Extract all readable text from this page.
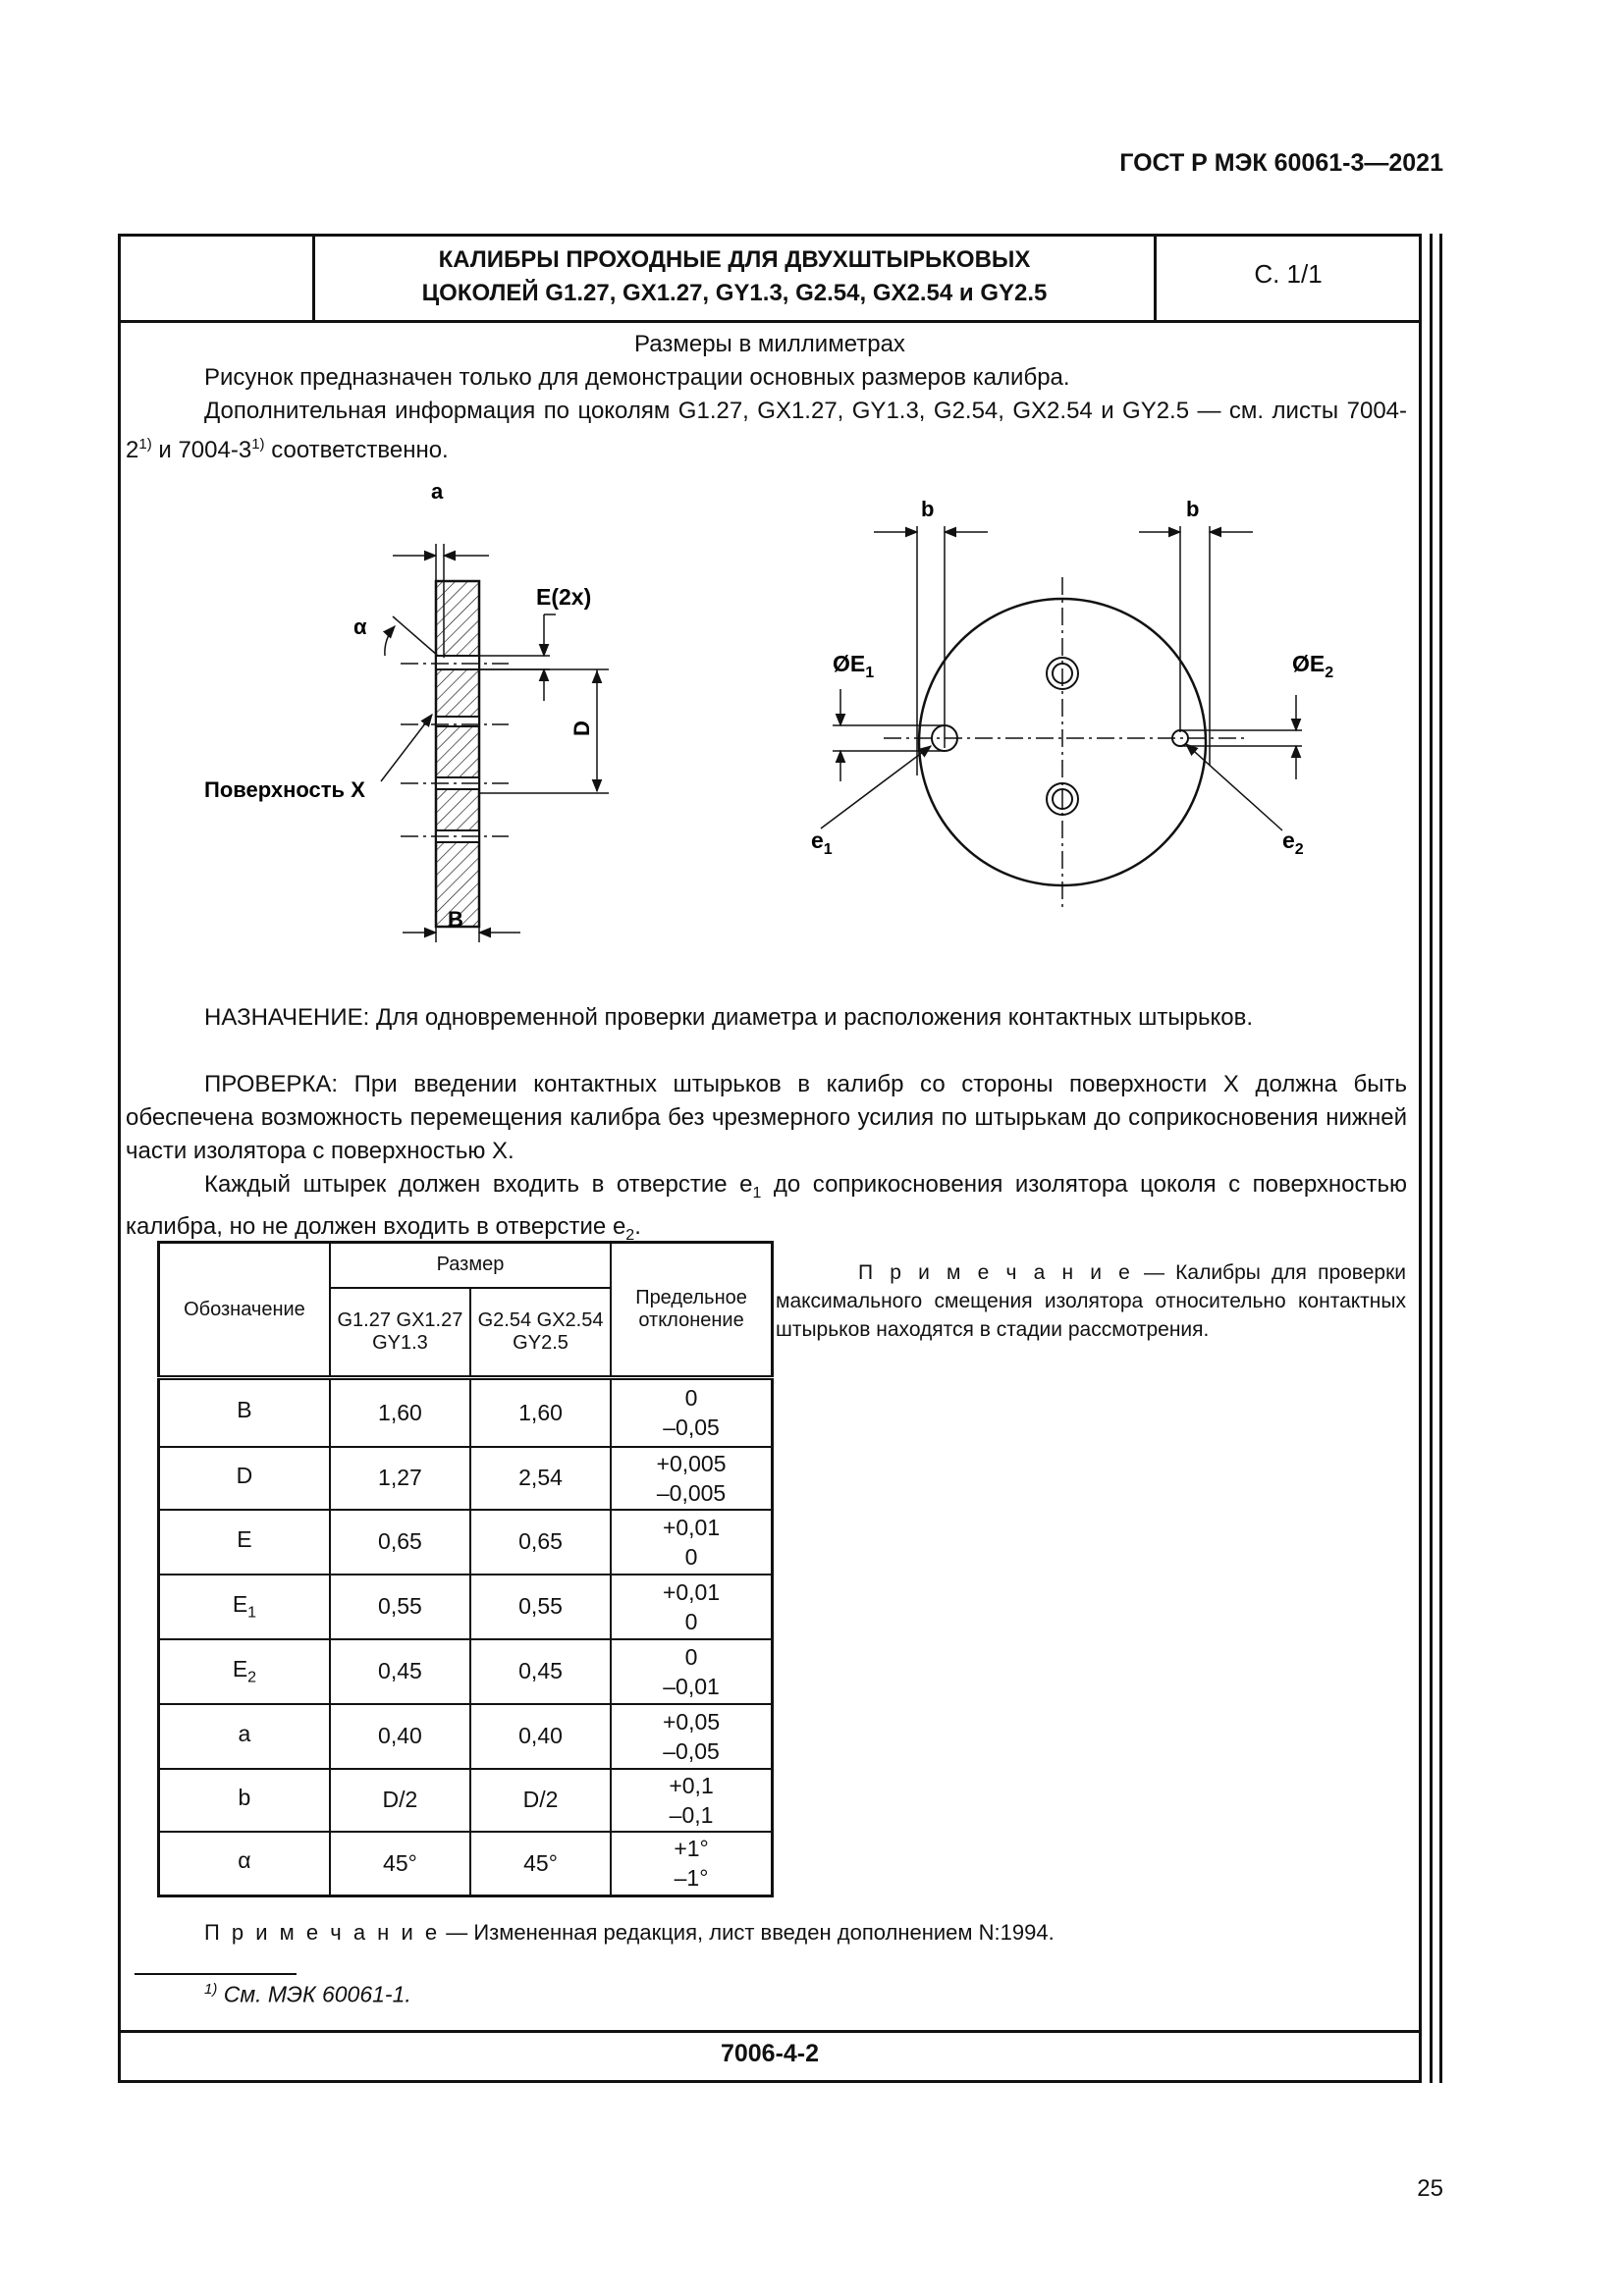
ГОСТ Р МЭК 60061-3—2021
КАЛИБРЫ ПРОХОДНЫЕ ДЛЯ ДВУХШТЫРЬКОВЫХ
ЦОКОЛЕЙ G1.27, GX1.27, GY1.3, G2.54, GX2.54 и GY2.5
С. 1/1
Размеры в миллиметрах
Рисунок предназначен только для демонстрации основных размеров калибра.
Дополнительная информация по цоколям G1.27, GX1.27, GY1.3, G2.54, GX2.54 и GY2.5 — см. листы 7004-2$^{1)}$ и 7004-3$^{1)}$ соответственно.
a
α
E(2x)
D
Поверхность X
B
b	b
$ØE_1$	$ØE_2$
$e_1$	$e_2$
НАЗНАЧЕНИЕ: Для одновременной проверки диаметра и расположения контактных штырьков.
ПРОВЕРКА: При введении контактных штырьков в калибр со стороны поверхности X должна быть обеспечена возможность перемещения калибра без чрезмерного усилия по штырькам до соприкосновения нижней части изолятора с поверхностью X.
Каждый штырек должен входить в отверстие $e_1$ до соприкосновения изолятора цоколя с поверхностью калибра, но не должен входить в отверстие $e_2$.
Обозначение	Размер		Предельное отклонение
	G1.27 GX1.27 GY1.3	G2.54 GX2.54 GY2.5	
B	1,60	1,60	0
–0,05

D	1,27	2,54	+0,005
–0,005

E	0,65	0,65	+0,01
0

$E_1$	0,55	0,55	+0,01
0

$E_2$	0,45	0,45	0
–0,01

a	0,40	0,40	+0,05
–0,05

b	D/2	D/2	+0,1
–0,1

α	45°	45°	+1°
–1°
П р и м е ч а н и е — Калибры для проверки максимального смещения изолятора относительно контактных штырьков находятся в стадии рассмотрения.
П р и м е ч а н и е — Измененная редакция, лист введен дополнением N:1994.
$^{1)}$ См. МЭК 60061-1.
7006-4-2
25
